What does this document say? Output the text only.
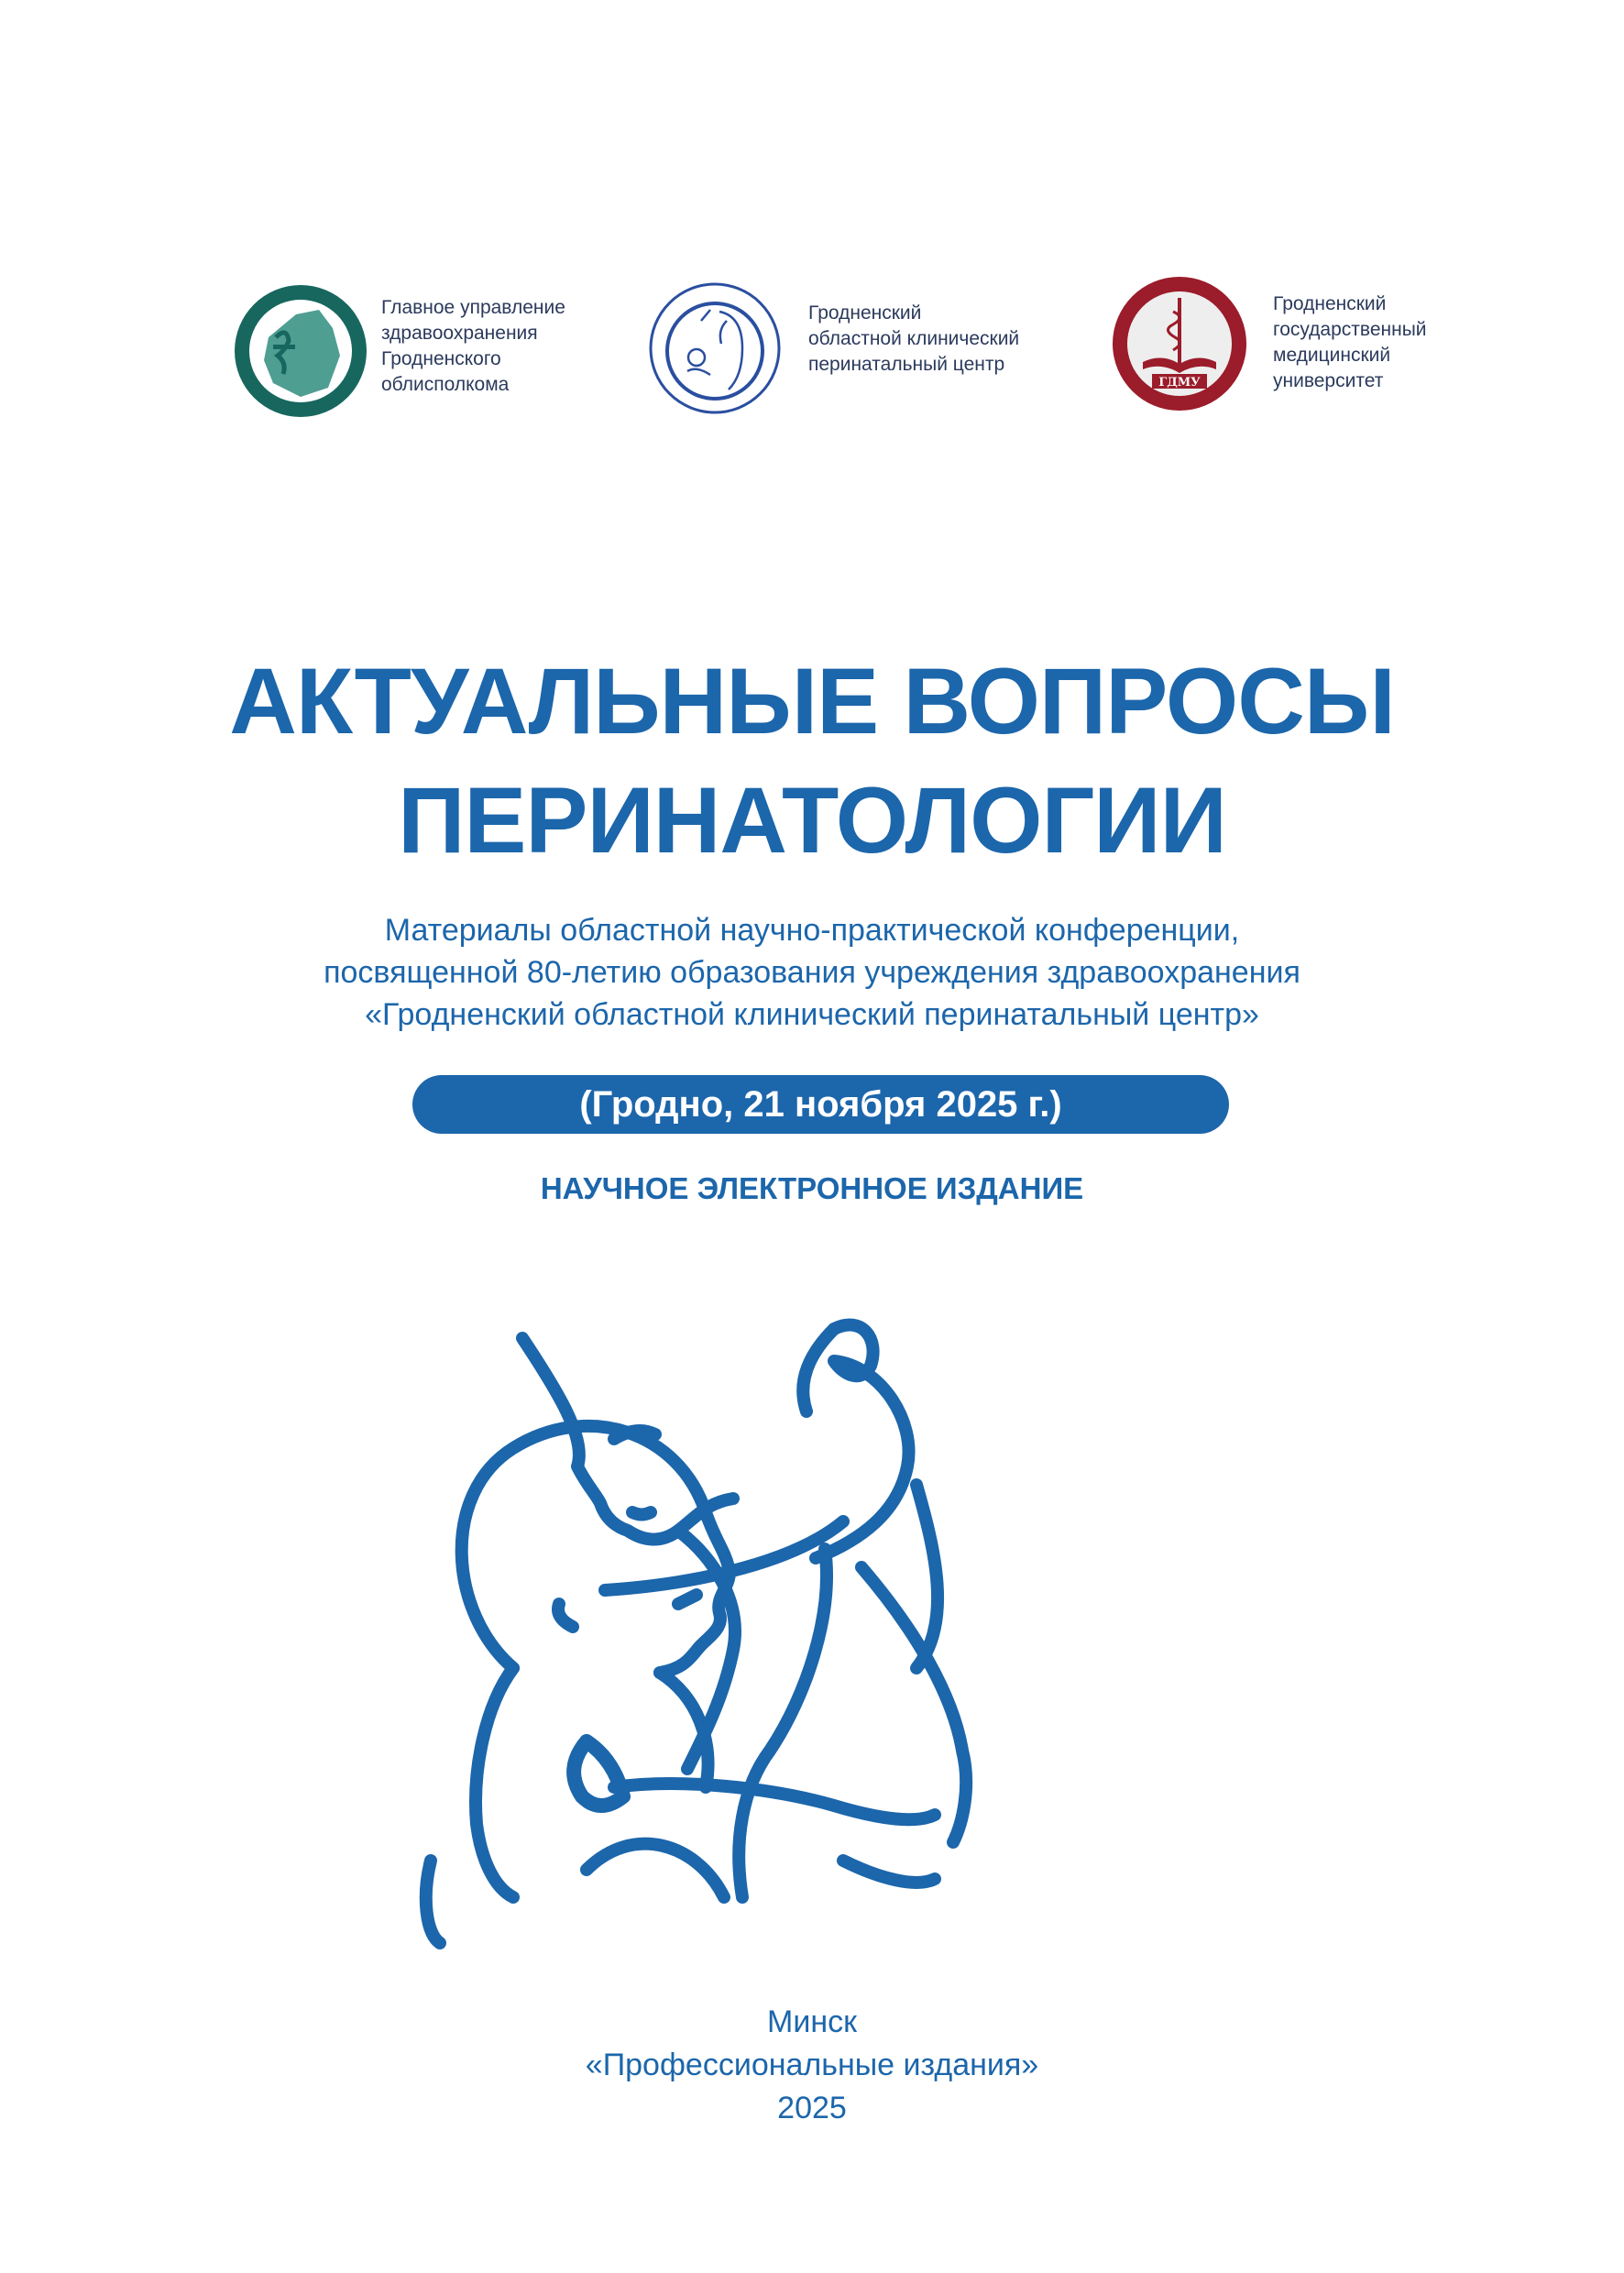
Главное управление
здравоохранения
Гродненского
облисполкома
Гродненский
областной клинический
перинатальный центр
ГДМУ
Гродненский
государственный
медицинский
университет
АКТУАЛЬНЫЕ ВОПРОСЫ
ПЕРИНАТОЛОГИИ
Материалы областной научно-практической конференции,
посвященной 80-летию образования учреждения здравоохранения
«Гродненский областной клинический перинатальный центр»
(Гродно, 21 ноября 2025 г.)
НАУЧНОЕ ЭЛЕКТРОННОЕ ИЗДАНИЕ
Минск
«Профессиональные издания»
2025
